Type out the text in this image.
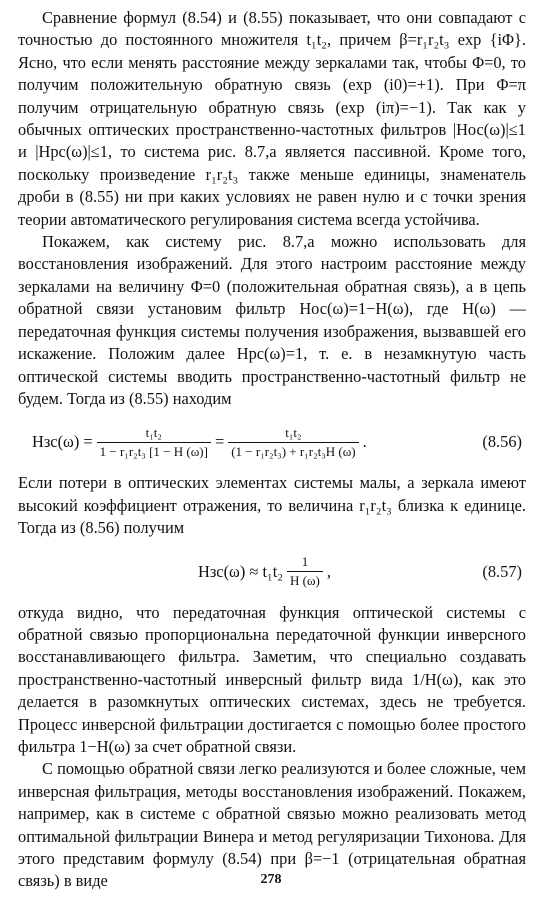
Сравнение формул (8.54) и (8.55) показывает, что они совпадают с точностью до постоянного множителя t₁t₂, причем β=r₁r₂t₃ exp {iΦ}. Ясно, что если менять расстояние между зеркалами так, чтобы Φ=0, то получим положительную обратную связь (exp (i0)=+1). При Φ=π получим отрицательную обратную связь (exp (iπ)=−1). Так как у обычных оптических пространственно-частотных фильтров |Hос(ω)|≤1 и |Hрс(ω)|≤1, то система рис. 8.7,а является пассивной. Кроме того, поскольку произведение r₁r₂t₃ также меньше единицы, знаменатель дроби в (8.55) ни при каких условиях не равен нулю и с точки зрения теории автоматического регулирования система всегда устойчива.

Покажем, как систему рис. 8.7,а можно использовать для восстановления изображений. Для этого настроим расстояние между зеркалами на величину Φ=0 (положительная обратная связь), а в цепь обратной связи установим фильтр Hос(ω)=1−H(ω), где H(ω) — передаточная функция системы получения изображения, вызвавшей его искажение. Положим далее Hрс(ω)=1, т. е. в незамкнутую часть оптической системы вводить пространственно-частотный фильтр не будем. Тогда из (8.55) находим

$Hзс(\omega) = \frac{\text{t₁t₂}}{\text{1 − r₁r₂t₃ [1 − H (ω)]}} = \frac{\text{t₁t₂}}{\text{(1 − r₁r₂t₃) + r₁r₂t₃H (ω)}}$ .	(8.56)

Если потери в оптических элементах системы малы, а зеркала имеют высокий коэффициент отражения, то величина r₁r₂t₃ близка к единице. Тогда из (8.56) получим

$Hзс(\omega) \approx t_1t_2 \frac{1}{H (\omega)}$ ,	(8.57)

откуда видно, что передаточная функция оптической системы с обратной связью пропорциональна передаточной функции инверсного восстанавливающего фильтра. Заметим, что специально создавать пространственно-частотный инверсный фильтр вида 1/H(ω), как это делается в разомкнутых оптических системах, здесь не требуется. Процесс инверсной фильтрации достигается с помощью более простого фильтра 1−H(ω) за счет обратной связи.

С помощью обратной связи легко реализуются и более сложные, чем инверсная фильтрация, методы восстановления изображений. Покажем, например, как в системе с обратной связью можно реализовать метод оптимальной фильтрации Винера и метод регуляризации Тихонова. Для этого представим формулу (8.54) при β=−1 (отрицательная обратная связь) в виде	278
